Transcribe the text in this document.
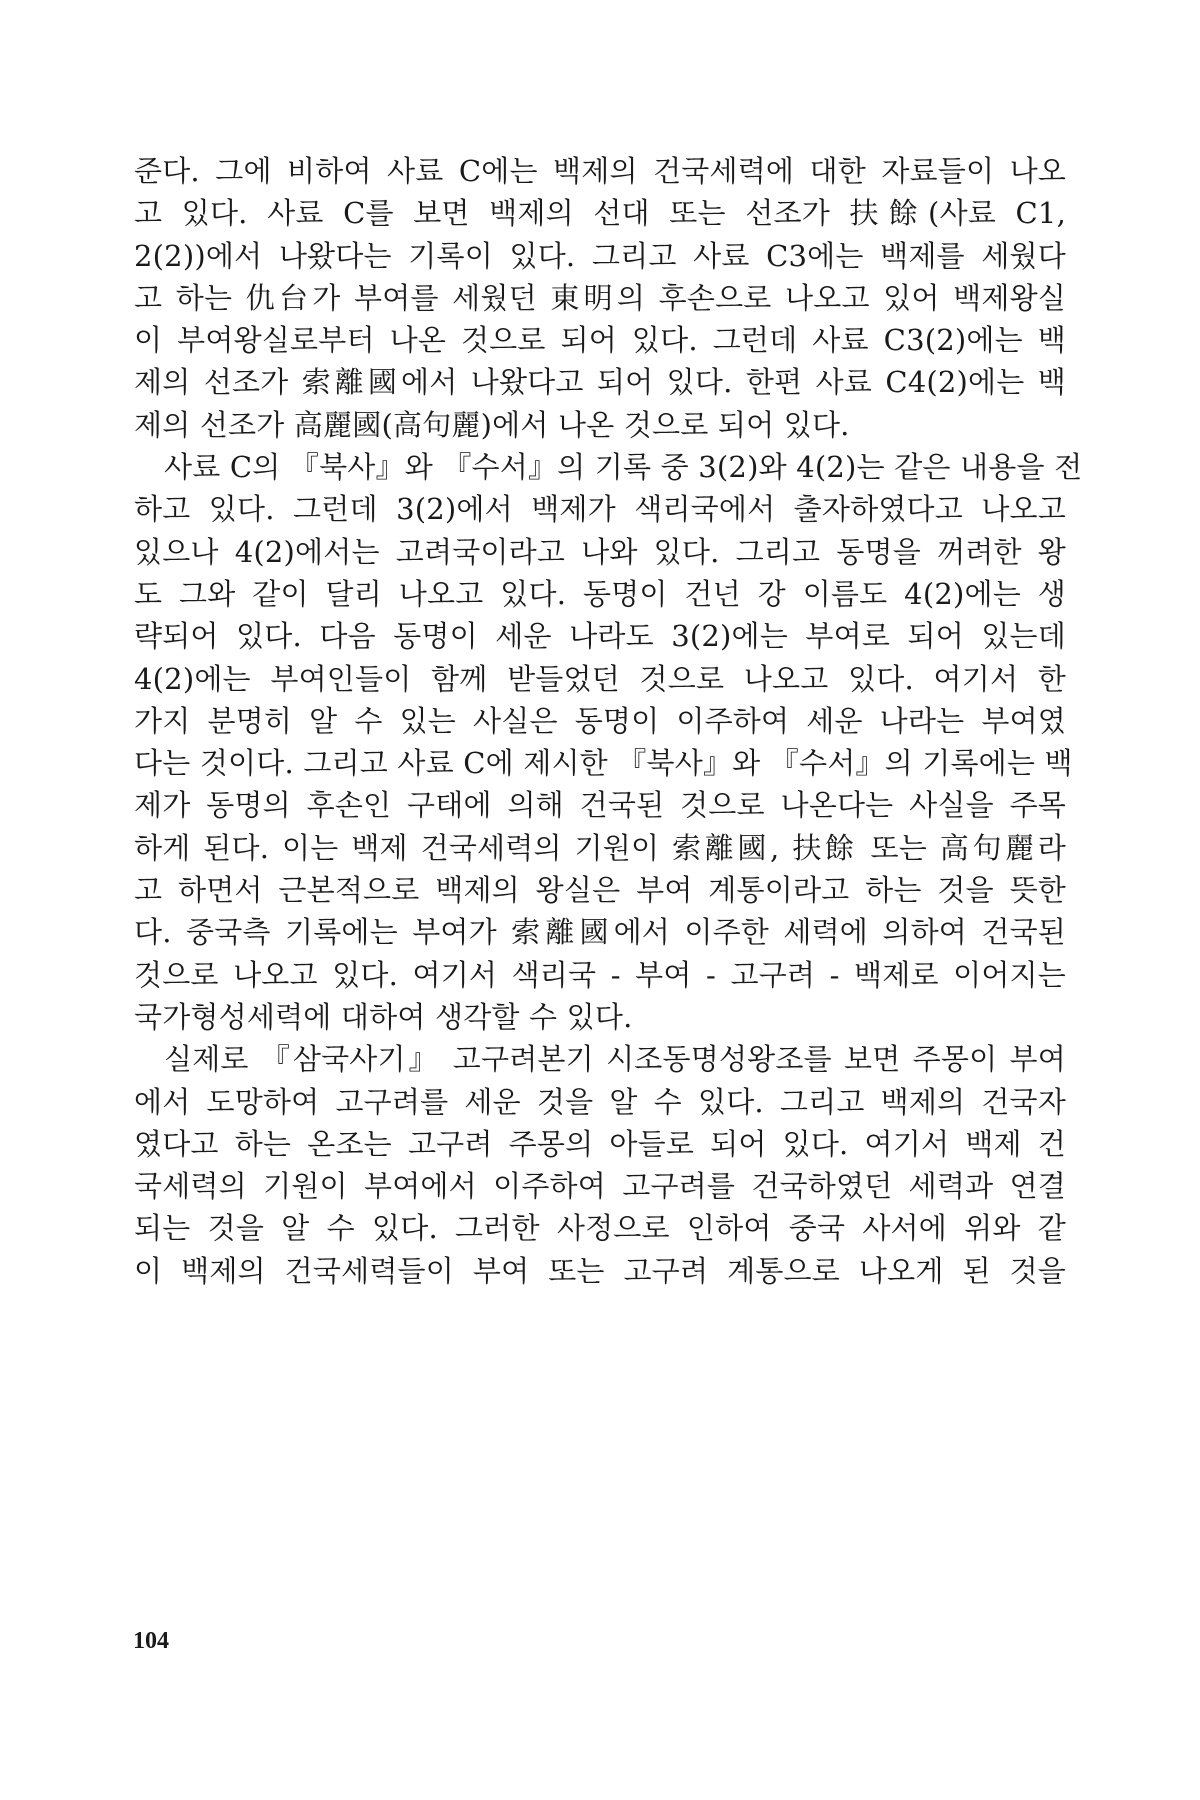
준다. 그에 비하여 사료 C에는 백제의 건국세력에 대한 자료들이 나오
고 있다. 사료 C를 보면 백제의 선대 또는 선조가 扶餘(사료 C1,
2(2))에서 나왔다는 기록이 있다. 그리고 사료 C3에는 백제를 세웠다
고 하는 仇台가 부여를 세웠던 東明의 후손으로 나오고 있어 백제왕실
이 부여왕실로부터 나온 것으로 되어 있다. 그런데 사료 C3(2)에는 백
제의 선조가 索離國에서 나왔다고 되어 있다. 한편 사료 C4(2)에는 백
제의 선조가 高麗國(高句麗)에서 나온 것으로 되어 있다.
사료 C의 『북사』와 『수서』의 기록 중 3(2)와 4(2)는 같은 내용을 전
하고 있다. 그런데 3(2)에서 백제가 색리국에서 출자하였다고 나오고
있으나 4(2)에서는 고려국이라고 나와 있다. 그리고 동명을 꺼려한 왕
도 그와 같이 달리 나오고 있다. 동명이 건넌 강 이름도 4(2)에는 생
략되어 있다. 다음 동명이 세운 나라도 3(2)에는 부여로 되어 있는데
4(2)에는 부여인들이 함께 받들었던 것으로 나오고 있다. 여기서 한
가지 분명히 알 수 있는 사실은 동명이 이주하여 세운 나라는 부여였
다는 것이다. 그리고 사료 C에 제시한 『북사』와 『수서』의 기록에는 백
제가 동명의 후손인 구태에 의해 건국된 것으로 나온다는 사실을 주목
하게 된다. 이는 백제 건국세력의 기원이 索離國, 扶餘 또는 高句麗라
고 하면서 근본적으로 백제의 왕실은 부여 계통이라고 하는 것을 뜻한
다. 중국측 기록에는 부여가 索離國에서 이주한 세력에 의하여 건국된
것으로 나오고 있다. 여기서 색리국 - 부여 - 고구려 - 백제로 이어지는
국가형성세력에 대하여 생각할 수 있다.
실제로 『삼국사기』 고구려본기 시조동명성왕조를 보면 주몽이 부여
에서 도망하여 고구려를 세운 것을 알 수 있다. 그리고 백제의 건국자
였다고 하는 온조는 고구려 주몽의 아들로 되어 있다. 여기서 백제 건
국세력의 기원이 부여에서 이주하여 고구려를 건국하였던 세력과 연결
되는 것을 알 수 있다. 그러한 사정으로 인하여 중국 사서에 위와 같
이 백제의 건국세력들이 부여 또는 고구려 계통으로 나오게 된 것을
104
